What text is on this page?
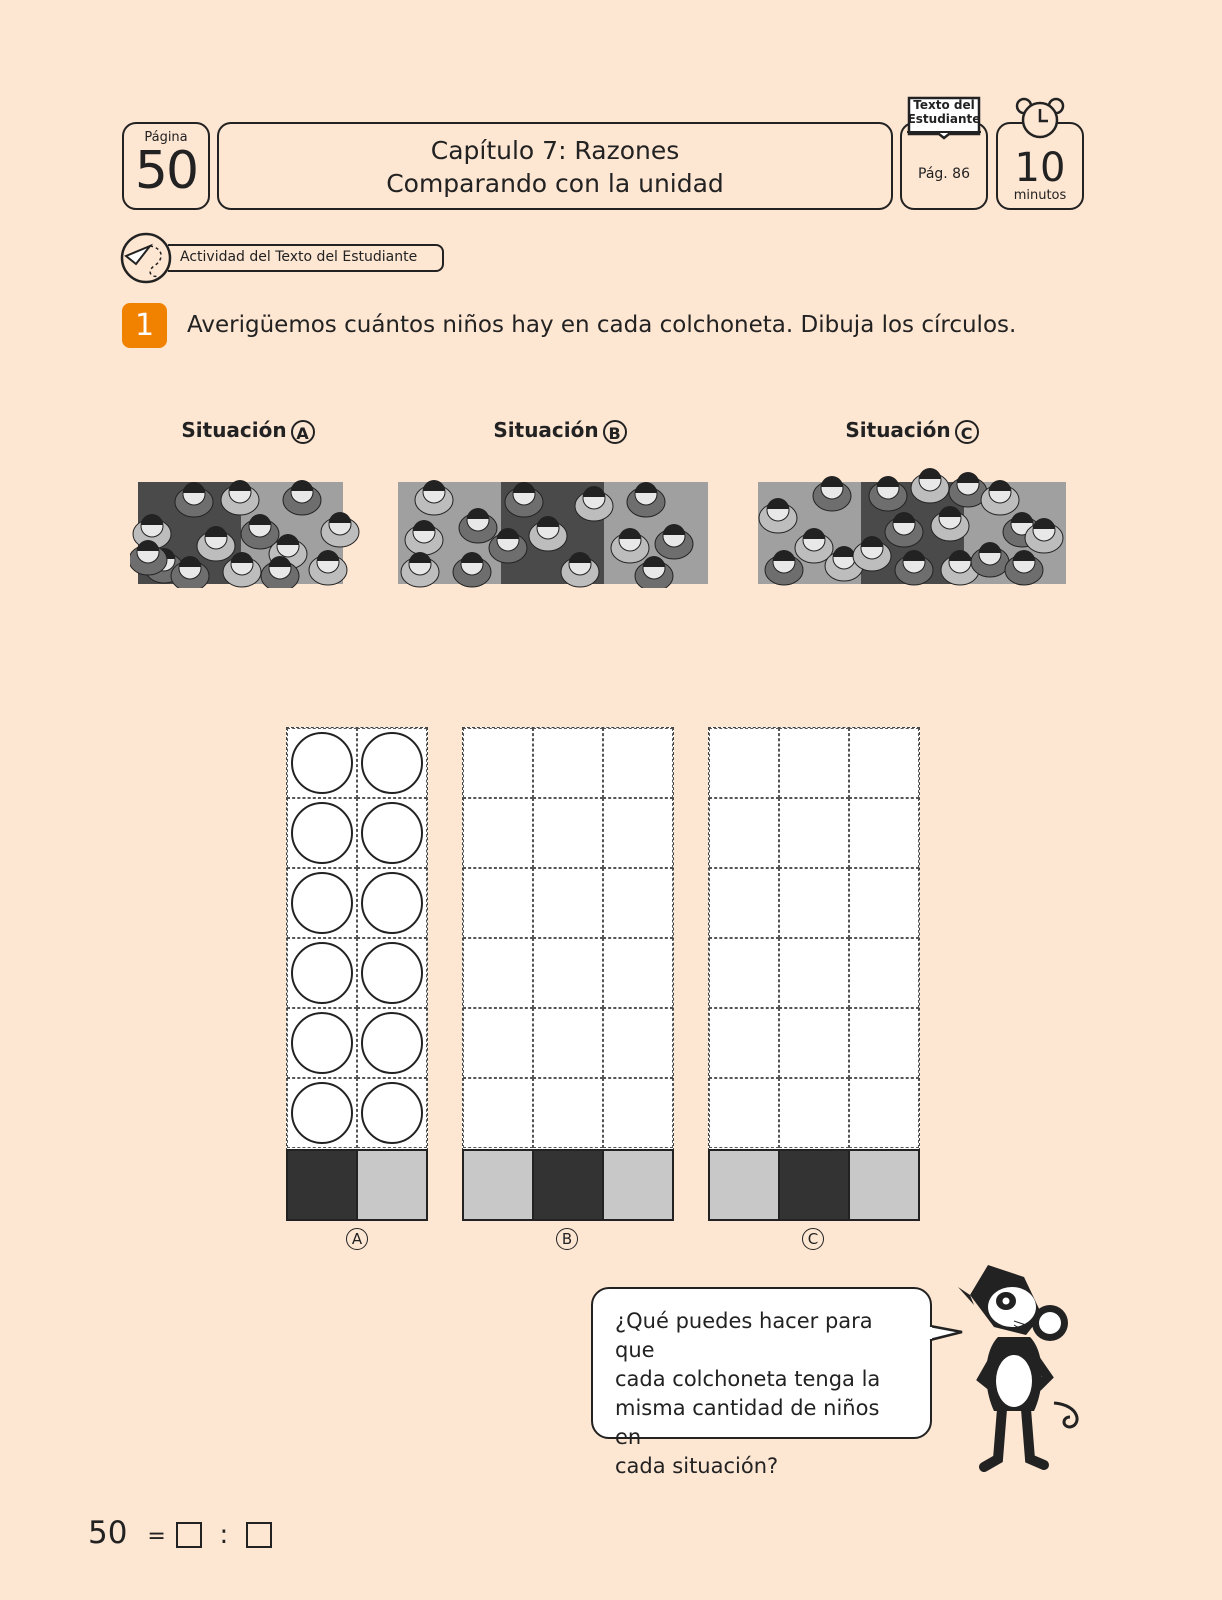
Página
50	Capítulo 7: Razones
Comparando con la unidad	Pág. 86
Texto del
Estudiante
10
minutos
Actividad del Texto del Estudiante
1	Averigüemos cuántos niños hay en cada colchoneta. Dibuja los círculos.
Situación A	Situación B	Situación C
A	B	C
¿Qué puedes hacer para que
cada colchoneta tenga la
misma cantidad de niños en
cada situación?
50 = :
